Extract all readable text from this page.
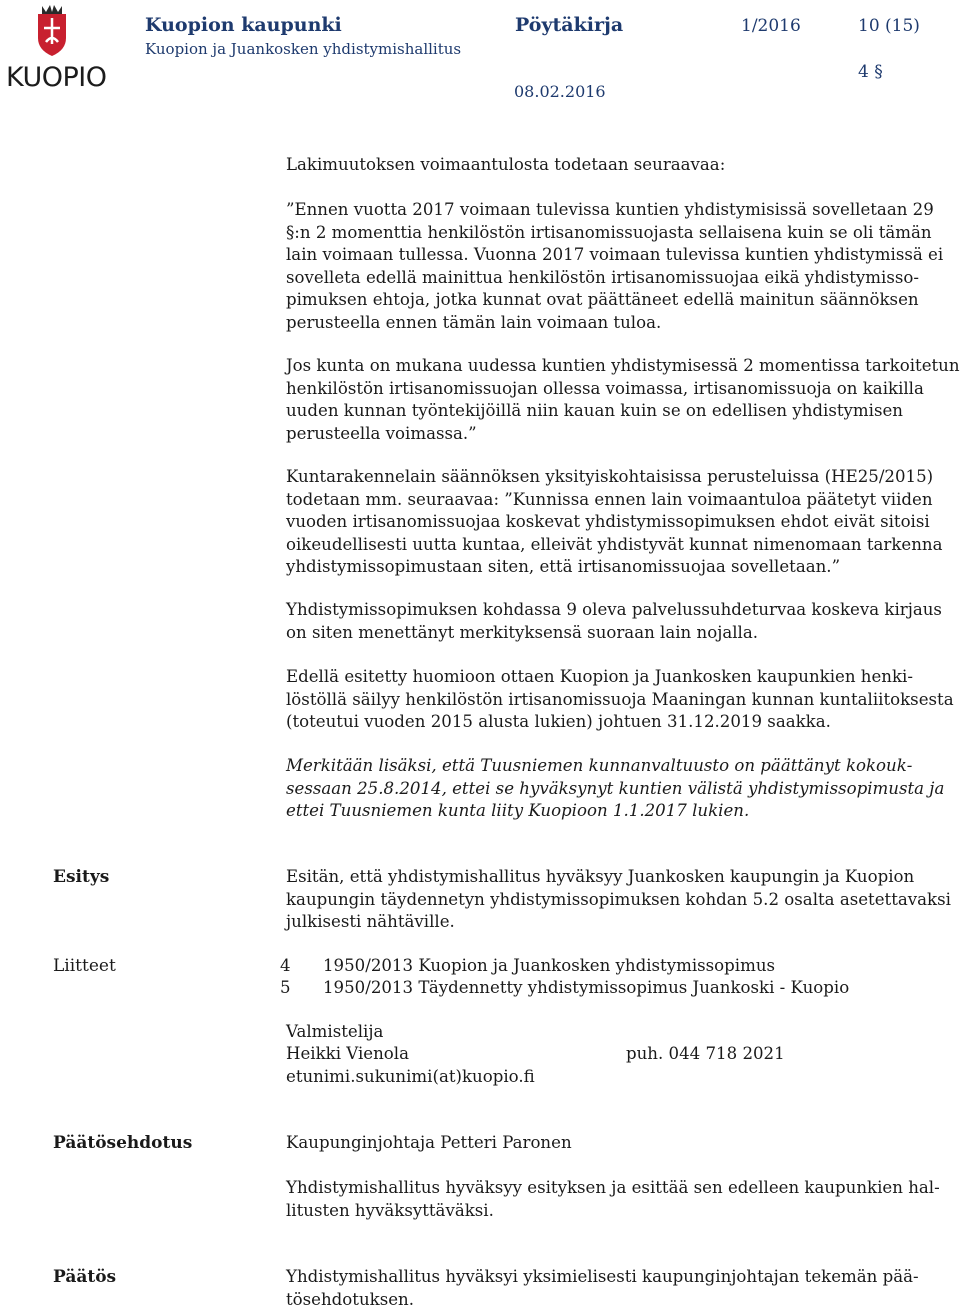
KUOPIO
Kuopion kaupunki
Kuopion ja Juankosken yhdistymishallitus
Pöytäkirja	1/2016	10 (15)
4 §
08.02.2016

Lakimuutoksen voimaantulosta todetaan seuraavaa:

”Ennen vuotta 2017 voimaan tulevissa kuntien yhdistymisissä sovelletaan 29 §:n 2 momenttia henkilöstön irtisanomissuojasta sellaisena kuin se oli tämän lain voimaan tullessa. Vuonna 2017 voimaan tulevissa kuntien yhdistymissä ei sovelleta edellä mainittua henkilöstön irtisanomissuojaa eikä yhdistymissopimuksen ehtoja, jotka kunnat ovat päättäneet edellä mainitun säännöksen perusteella ennen tämän lain voimaan tuloa.

Jos kunta on mukana uudessa kuntien yhdistymisessä 2 momentissa tarkoitetun henkilöstön irtisanomissuojan ollessa voimassa, irtisanomissuoja on kaikilla uuden kunnan työntekijöillä niin kauan kuin se on edellisen yhdistymisen perusteella voimassa.”

Kuntarakennelain säännöksen yksityiskohtaisissa perusteluissa (HE25/2015) todetaan mm. seuraavaa: ”Kunnissa ennen lain voimaantuloa päätetyt viiden vuoden irtisanomissuojaa koskevat yhdistymissopimuksen ehdot eivät sitoisi oikeudellisesti uutta kuntaa, elleivät yhdistyvät kunnat nimenomaan tarkenna yhdistymissopimustaan siten, että irtisanomissuojaa sovelletaan.”

Yhdistymissopimuksen kohdassa 9 oleva palvelussuhdeturvaa koskeva kirjaus on siten menettänyt merkityksensä suoraan lain nojalla.

Edellä esitetty huomioon ottaen Kuopion ja Juankosken kaupunkien henkilöstöllä säilyy henkilöstön irtisanomissuoja Maaningan kunnan kuntaliitoksesta (toteutui vuoden 2015 alusta lukien) johtuen 31.12.2019 saakka.

Merkitään lisäksi, että Tuusniemen kunnanvaltuusto on päättänyt kokouksessaan 25.8.2014, ettei se hyväksynyt kuntien välistä yhdistymissopimusta ja ettei Tuusniemen kunta liity Kuopioon 1.1.2017 lukien.

Esitys	Esitän, että yhdistymishallitus hyväksyy Juankosken kaupungin ja Kuopion kaupungin täydennetyn yhdistymissopimuksen kohdan 5.2 osalta asetettavaksi julkisesti nähtäville.

Liitteet	4 1950/2013 Kuopion ja Juankosken yhdistymissopimus
5 1950/2013 Täydennetty yhdistymissopimus Juankoski - Kuopio
Valmistelija
Heikki Vienola	puh. 044 718 2021
etunimi.sukunimi(at)kuopio.fi
Päätösehdotus	Kaupunginjohtaja Petteri Paronen

Yhdistymishallitus hyväksyy esityksen ja esittää sen edelleen kaupunkien hallitusten hyväksyttäväksi.

Päätös	Yhdistymishallitus hyväksyi yksimielisesti kaupunginjohtajan tekemän päätösehdotuksen.
